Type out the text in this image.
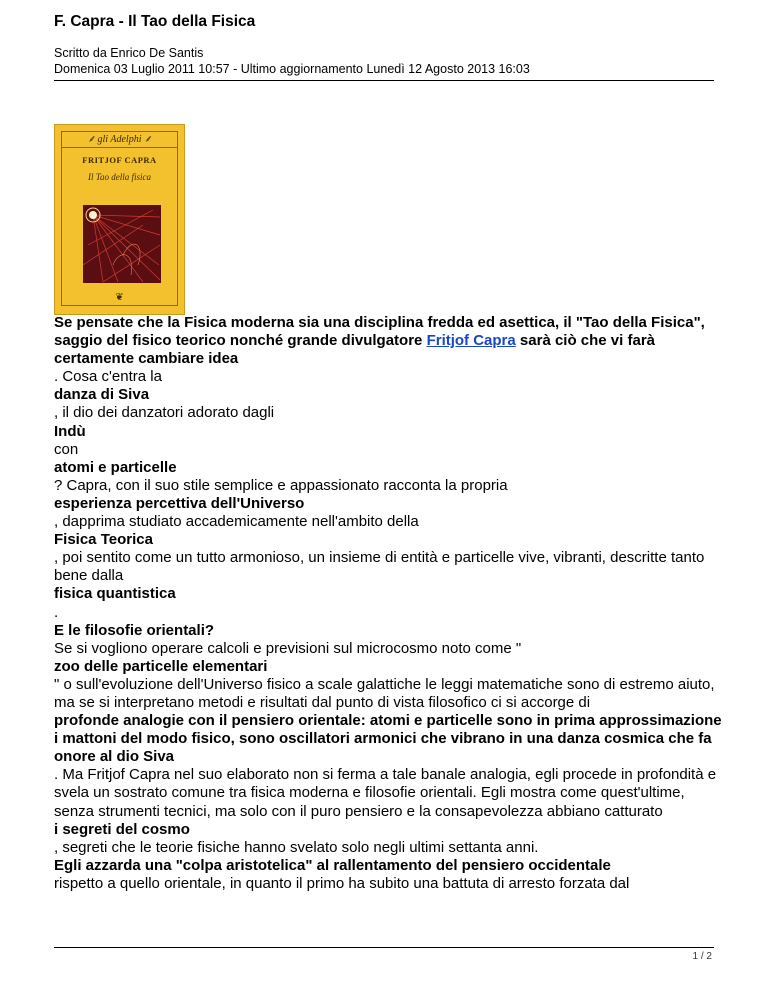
F. Capra - Il Tao della Fisica
Scritto da Enrico De Santis
Domenica 03 Luglio 2011 10:57 - Ultimo aggiornamento Lunedì 12 Agosto 2013 16:03
⸙ gli Adelphi ⸙
FRITJOF CAPRA
Il Tao della fisica
❦

Se pensate che la Fisica moderna sia una disciplina fredda ed asettica, il "Tao della Fisica", saggio del fisico teorico nonché grande divulgatore Fritjof Capra sarà ciò che vi farà certamente cambiare idea

. Cosa c'entra la

danza di Siva

, il dio dei danzatori adorato dagli

Indù

con

atomi e particelle

? Capra, con il suo stile semplice e appassionato racconta la propria

esperienza percettiva dell'Universo

, dapprima studiato accademicamente nell'ambito della

Fisica Teorica

, poi sentito come un tutto armonioso, un insieme di entità e particelle vive, vibranti, descritte tanto bene dalla

fisica quantistica

.

E le filosofie orientali?

Se si vogliono operare calcoli e previsioni sul microcosmo noto come "

zoo delle particelle elementari

" o sull'evoluzione dell'Universo fisico a scale galattiche le leggi matematiche sono di estremo aiuto, ma se si interpretano metodi e risultati dal punto di vista filosofico ci si accorge di

profonde analogie con il pensiero orientale: atomi e particelle sono in prima approssimazione i mattoni del modo fisico, sono oscillatori armonici che vibrano in una danza cosmica che fa onore al dio Siva

. Ma Fritjof Capra nel suo elaborato non si ferma a tale banale analogia, egli procede in profondità e svela un sostrato comune tra fisica moderna e filosofie orientali. Egli mostra come quest'ultime, senza strumenti tecnici, ma solo con il puro pensiero e la consapevolezza abbiano catturato

i segreti del cosmo

, segreti che le teorie fisiche hanno svelato solo negli ultimi settanta anni.

Egli azzarda una "colpa aristotelica" al rallentamento del pensiero occidentale

rispetto a quello orientale, in quanto il primo ha subito una battuta di arresto forzata dal

1 / 2
